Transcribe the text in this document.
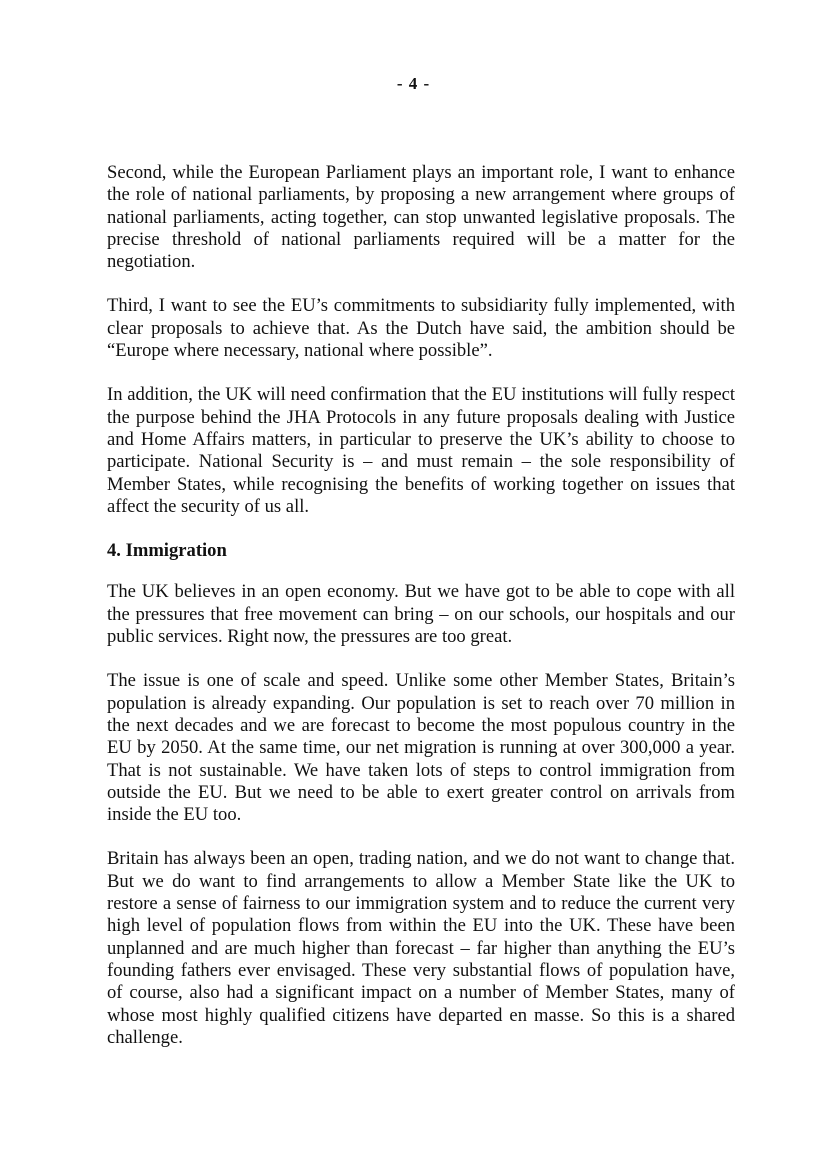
- 4 -

Second, while the European Parliament plays an important role, I want to enhance the role of national parliaments, by proposing a new arrangement where groups of national parliaments, acting together, can stop unwanted legislative proposals. The precise threshold of national parliaments required will be a matter for the negotiation.

Third, I want to see the EU’s commitments to subsidiarity fully implemented, with clear proposals to achieve that. As the Dutch have said, the ambition should be “Europe where necessary, national where possible”.

In addition, the UK will need confirmation that the EU institutions will fully respect the purpose behind the JHA Protocols in any future proposals dealing with Justice and Home Affairs matters, in particular to preserve the UK’s ability to choose to participate. National Security is – and must remain – the sole responsibility of Member States, while recognising the benefits of working together on issues that affect the security of us all.

4. Immigration

The UK believes in an open economy. But we have got to be able to cope with all the pressures that free movement can bring – on our schools, our hospitals and our public services. Right now, the pressures are too great.

The issue is one of scale and speed. Unlike some other Member States, Britain’s population is already expanding. Our population is set to reach over 70 million in the next decades and we are forecast to become the most populous country in the EU by 2050. At the same time, our net migration is running at over 300,000 a year. That is not sustainable. We have taken lots of steps to control immigration from outside the EU. But we need to be able to exert greater control on arrivals from inside the EU too.

Britain has always been an open, trading nation, and we do not want to change that. But we do want to find arrangements to allow a Member State like the UK to restore a sense of fairness to our immigration system and to reduce the current very high level of population flows from within the EU into the UK. These have been unplanned and are much higher than forecast – far higher than anything the EU’s founding fathers ever envisaged. These very substantial flows of population have, of course, also had a significant impact on a number of Member States, many of whose most highly qualified citizens have departed en masse. So this is a shared challenge.
